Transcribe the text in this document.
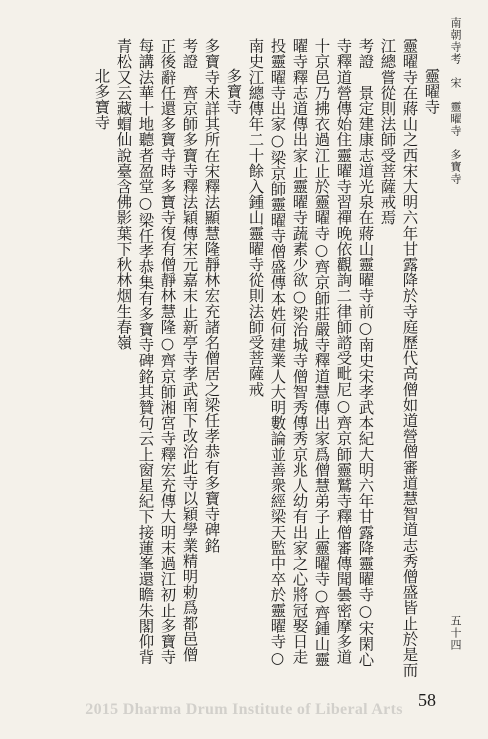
南朝寺考　宋　靈曜寺　多寶寺
五十四
靈曜寺
靈曜寺在蔣山之西宋大明六年甘露降於寺庭歷代高僧如道營僧審道慧智道志秀僧盛皆止於是而
江總嘗從則法師受菩薩戒焉
考證　景定建康志道光泉在蔣山靈曜寺前○南史宋孝武本紀大明六年甘露降靈曜寺○宋閑心
寺釋道營傳始住靈曜寺習禪晚依觀詢二律師諮受毗尼○齊京師靈鷲寺釋僧審傳聞曇密摩多道
十京邑乃拂衣過江止於靈曜寺○齊京師莊嚴寺釋道慧傳出家爲僧慧弟子止靈曜寺○齊鍾山靈
曜寺釋志道傳出家止靈曜寺蔬素少欲○梁治城寺僧智秀傳秀京兆人幼有出家之心將冠娶日走
投靈曜寺出家○梁京師靈曜寺僧盛傳本姓何建業人大明數論並善衆經梁天監中卒於靈曜寺○
南史江總傳年二十餘入鍾山靈曜寺從則法師受菩薩戒
多寶寺
多寶寺未詳其所在宋釋法顯慧隆靜林宏充諸名僧居之梁任孝恭有多寶寺碑銘
考證　齊京師多寶寺釋法穎傳宋元嘉末止新亭寺孝武南下改治此寺以穎學業精明勅爲都邑僧
正後辭任還多寶寺時多寶寺復有僧靜林慧隆○齊京師湘宮寺釋宏充傳大明末過江初止多寶寺
每講法華十地聽者盈堂○梁任孝恭集有多寶寺碑銘其贊句云上窗星紀下接蓮峯還瞻朱閣仰背
青松又云藏蝐仙說臺含佛影葉下秋林烟生春嶺
北多寶寺
58
2015 Dharma Drum Institute of Liberal Arts
